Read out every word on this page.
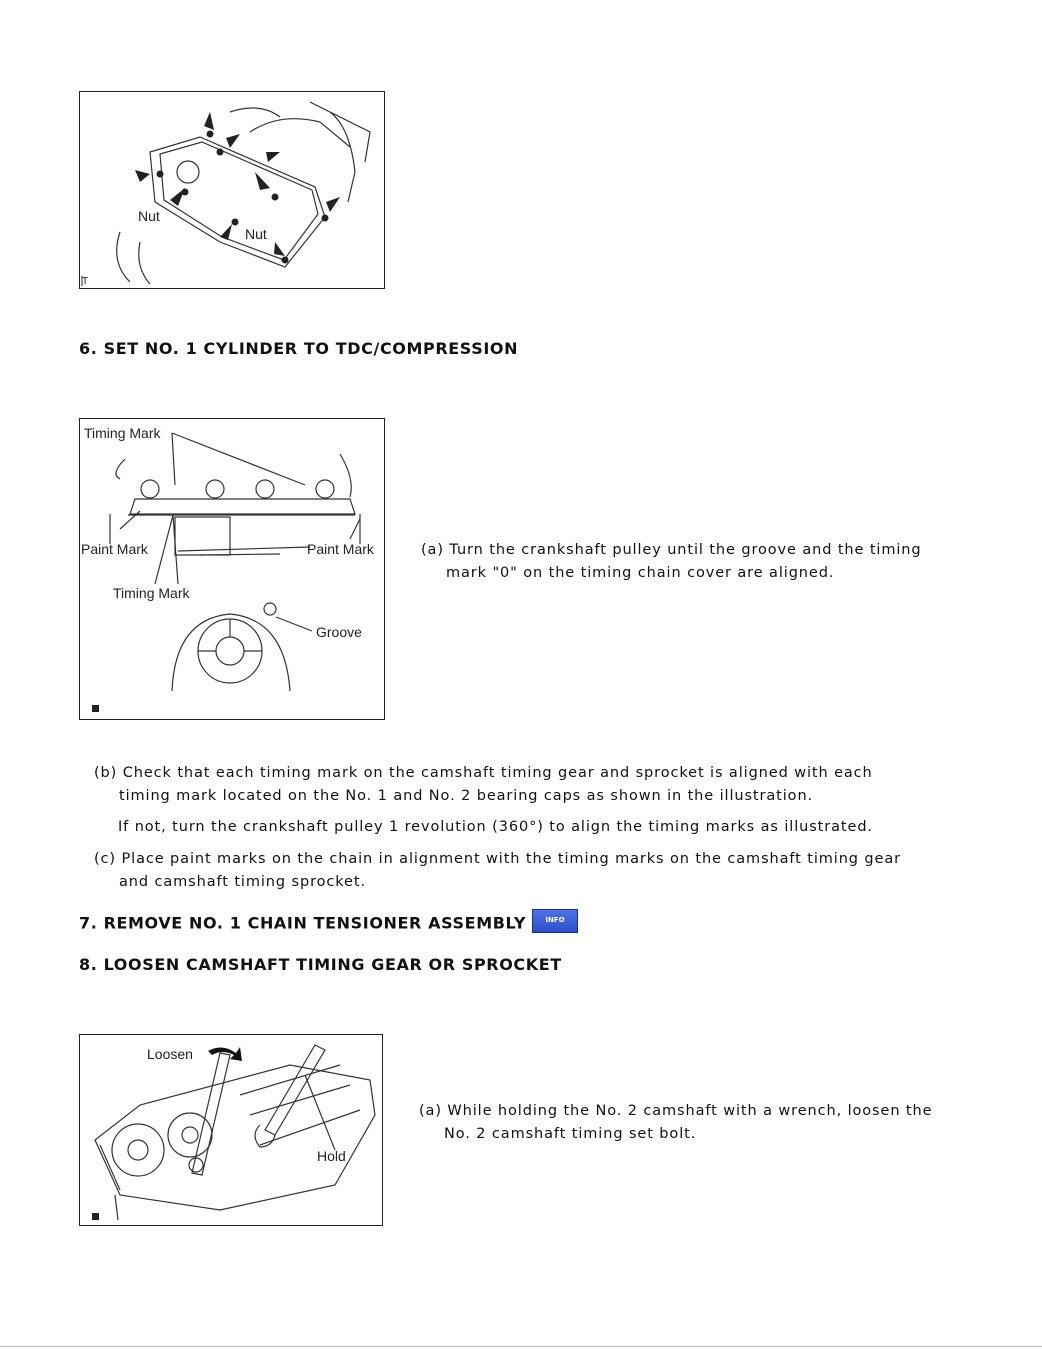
Nut
Nut
T
6. SET NO. 1 CYLINDER TO TDC/COMPRESSION
Timing Mark
Paint Mark	Paint Mark
Timing Mark
Groove
(a) Turn the crankshaft pulley until the groove and the timing
mark "0" on the timing chain cover are aligned.
(b) Check that each timing mark on the camshaft timing gear and sprocket is aligned with each
timing mark located on the No. 1 and No. 2 bearing caps as shown in the illustration.
If not, turn the crankshaft pulley 1 revolution (360°) to align the timing marks as illustrated.
(c) Place paint marks on the chain in alignment with the timing marks on the camshaft timing gear
and camshaft timing sprocket.
7. REMOVE NO. 1 CHAIN TENSIONER ASSEMBLY	INFO
8. LOOSEN CAMSHAFT TIMING GEAR OR SPROCKET
Loosen
Hold
(a) While holding the No. 2 camshaft with a wrench, loosen the
No. 2 camshaft timing set bolt.
